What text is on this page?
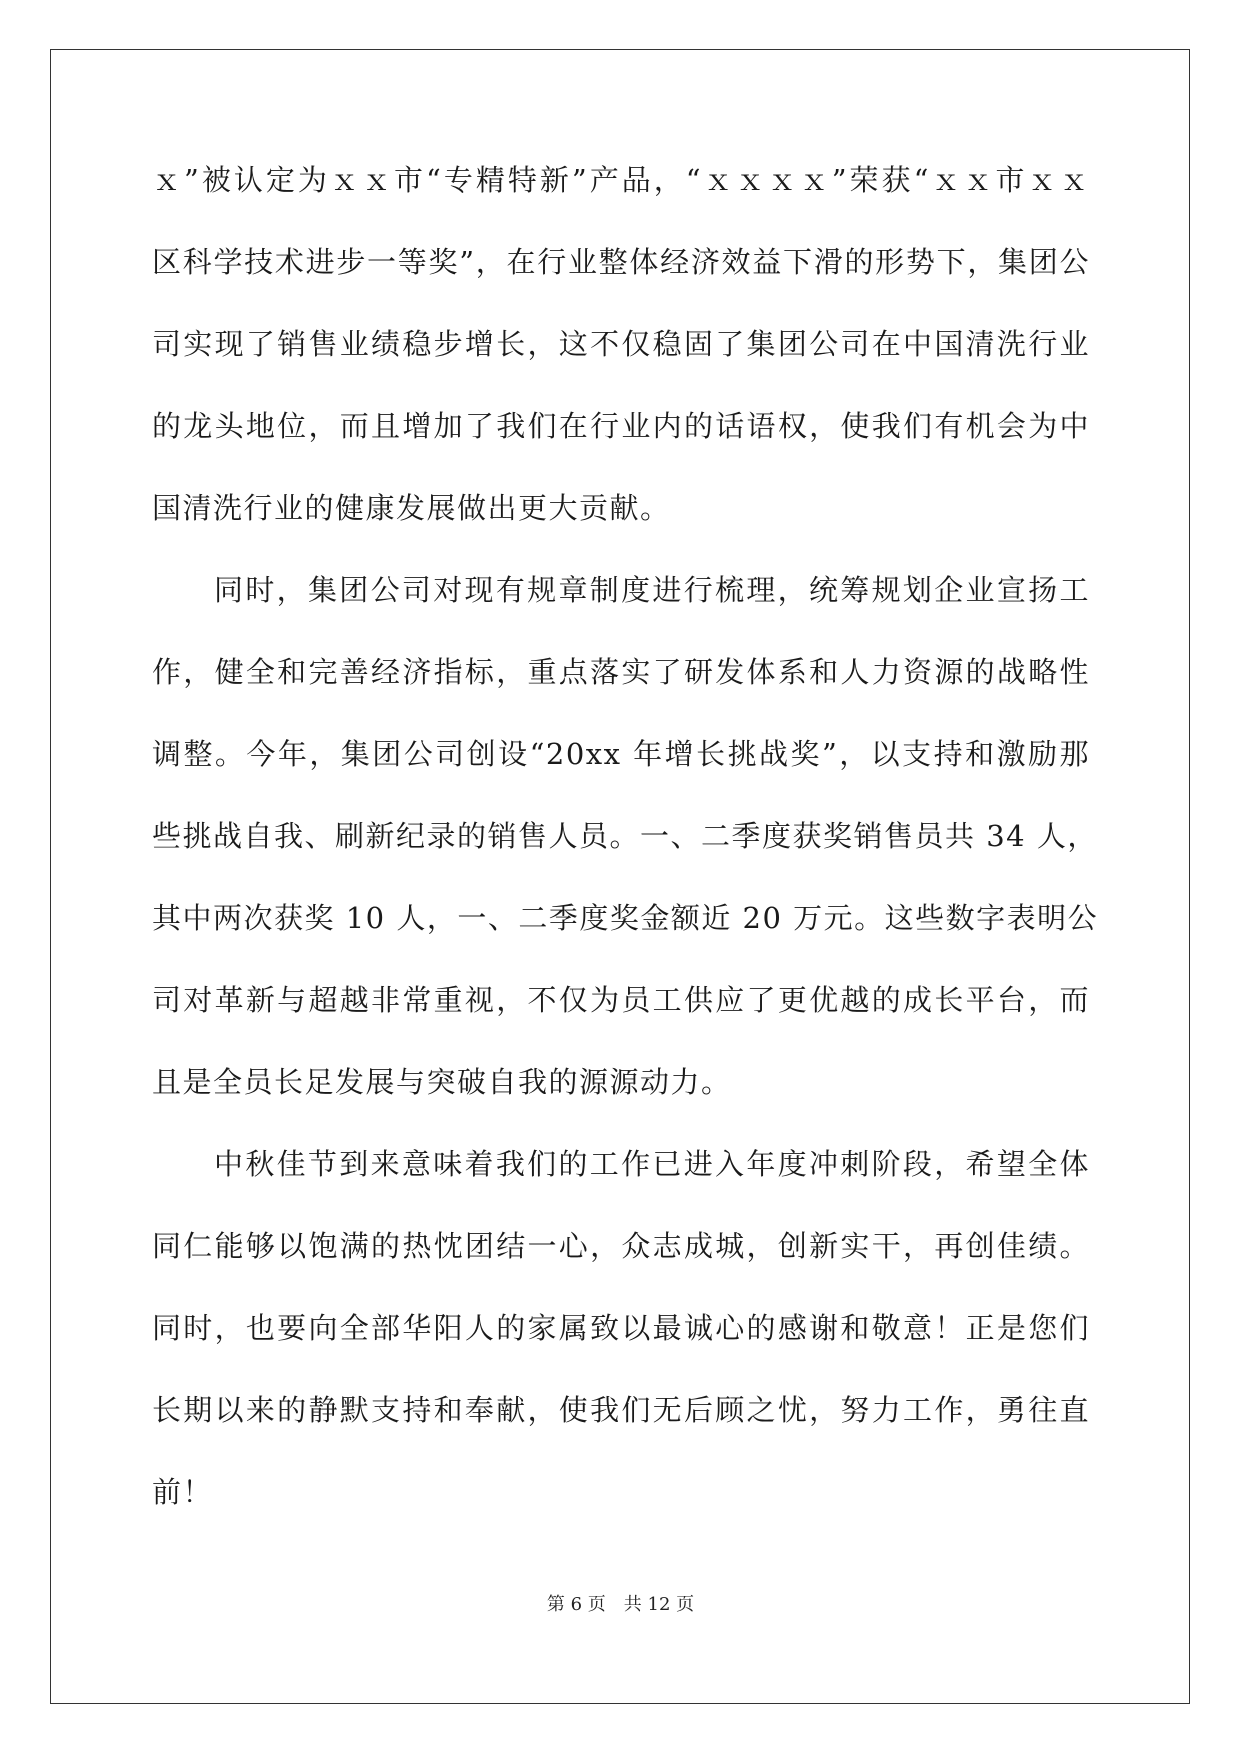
ｘ”被认定为ｘｘ市“专精特新”产品，“ｘｘｘｘ”荣获“ｘｘ市ｘｘ
区科学技术进步一等奖”，在行业整体经济效益下滑的形势下，集团公
司实现了销售业绩稳步增长，这不仅稳固了集团公司在中国清洗行业
的龙头地位，而且增加了我们在行业内的话语权，使我们有机会为中
国清洗行业的健康发展做出更大贡献。
同时，集团公司对现有规章制度进行梳理，统筹规划企业宣扬工
作，健全和完善经济指标，重点落实了研发体系和人力资源的战略性
调整。今年，集团公司创设“20xx 年增长挑战奖”，以支持和激励那
些挑战自我、刷新纪录的销售人员。一、二季度获奖销售员共 34 人，
其中两次获奖 10 人，一、二季度奖金额近 20 万元。这些数字表明公
司对革新与超越非常重视，不仅为员工供应了更优越的成长平台，而
且是全员长足发展与突破自我的源源动力。
中秋佳节到来意味着我们的工作已进入年度冲刺阶段，希望全体
同仁能够以饱满的热忱团结一心，众志成城，创新实干，再创佳绩。
同时，也要向全部华阳人的家属致以最诚心的感谢和敬意！正是您们
长期以来的静默支持和奉献，使我们无后顾之忧，努力工作，勇往直
前！
第 6 页 共 12 页
